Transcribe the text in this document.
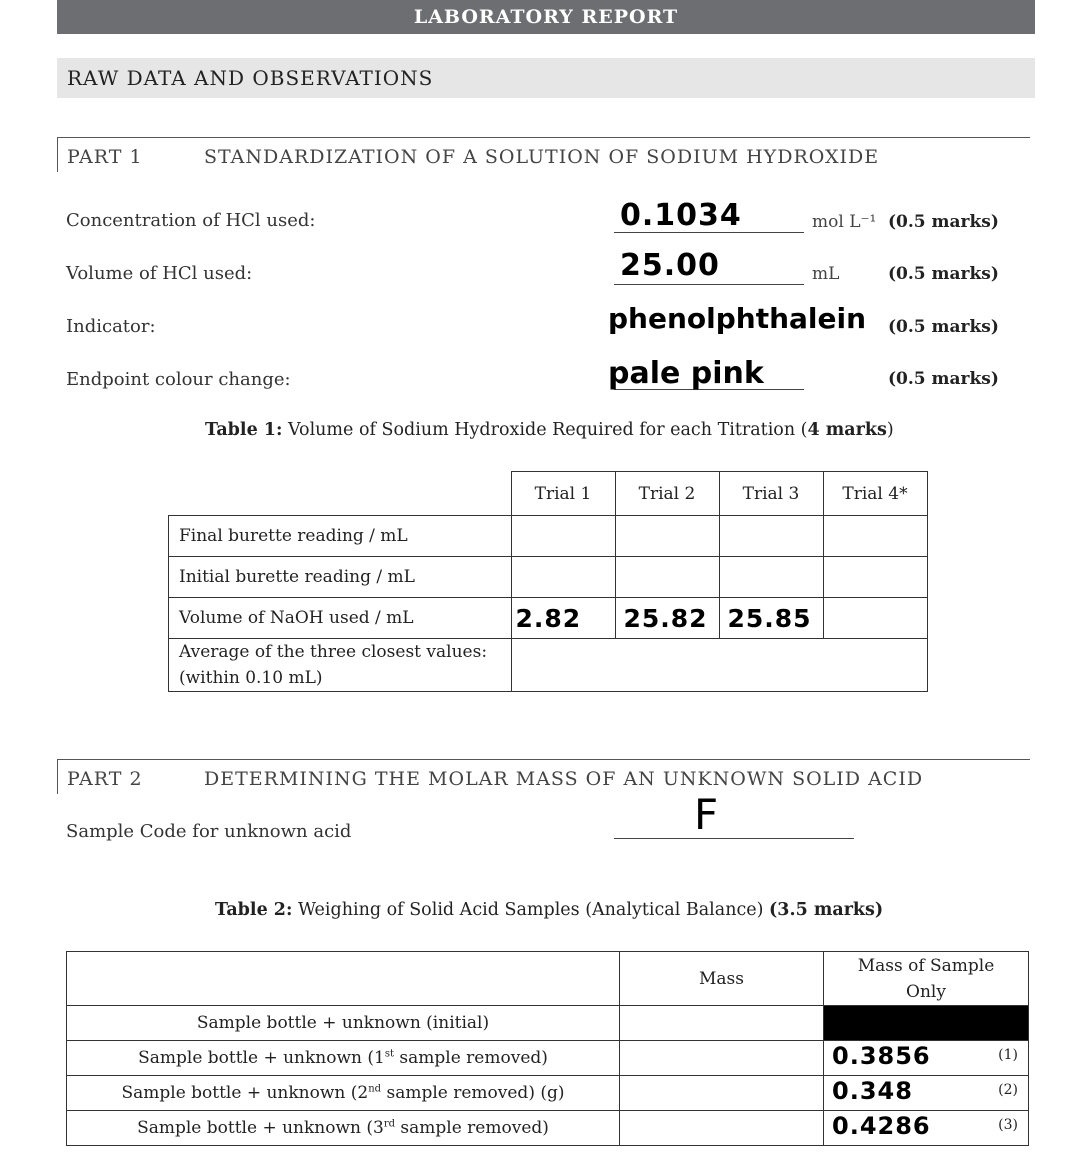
LABORATORY REPORT
RAW DATA AND OBSERVATIONS
PART 1	STANDARDIZATION OF A SOLUTION OF SODIUM HYDROXIDE
Concentration of HCl used:	0.1034	mol L⁻¹ (0.5 marks)
Volume of HCl used:	25.00	mL	(0.5 marks)
Indicator:	phenolphthalein (0.5 marks)
Endpoint colour change:	pale pink	(0.5 marks)
Table 1: Volume of Sodium Hydroxide Required for each Titration (4 marks)
	Trial 1	Trial 2	Trial 3	Trial 4*
Final burette reading / mL				
Initial burette reading / mL				
Volume of NaOH used / mL	2.82	25.82	25.85	
Average of the three closest values:
(within 0.10 mL)				
PART 2	DETERMINING THE MOLAR MASS OF AN UNKNOWN SOLID ACID
Sample Code for unknown acid	F
Table 2: Weighing of Solid Acid Samples (Analytical Balance) (3.5 marks)
	Mass	Mass of Sample
Only
Sample bottle + unknown (initial)		
Sample bottle + unknown (1st sample removed)		0.3856 (1)

Sample bottle + unknown (2nd sample removed) (g)		0.348 (2)

Sample bottle + unknown (3rd sample removed)		0.4286 (3)
